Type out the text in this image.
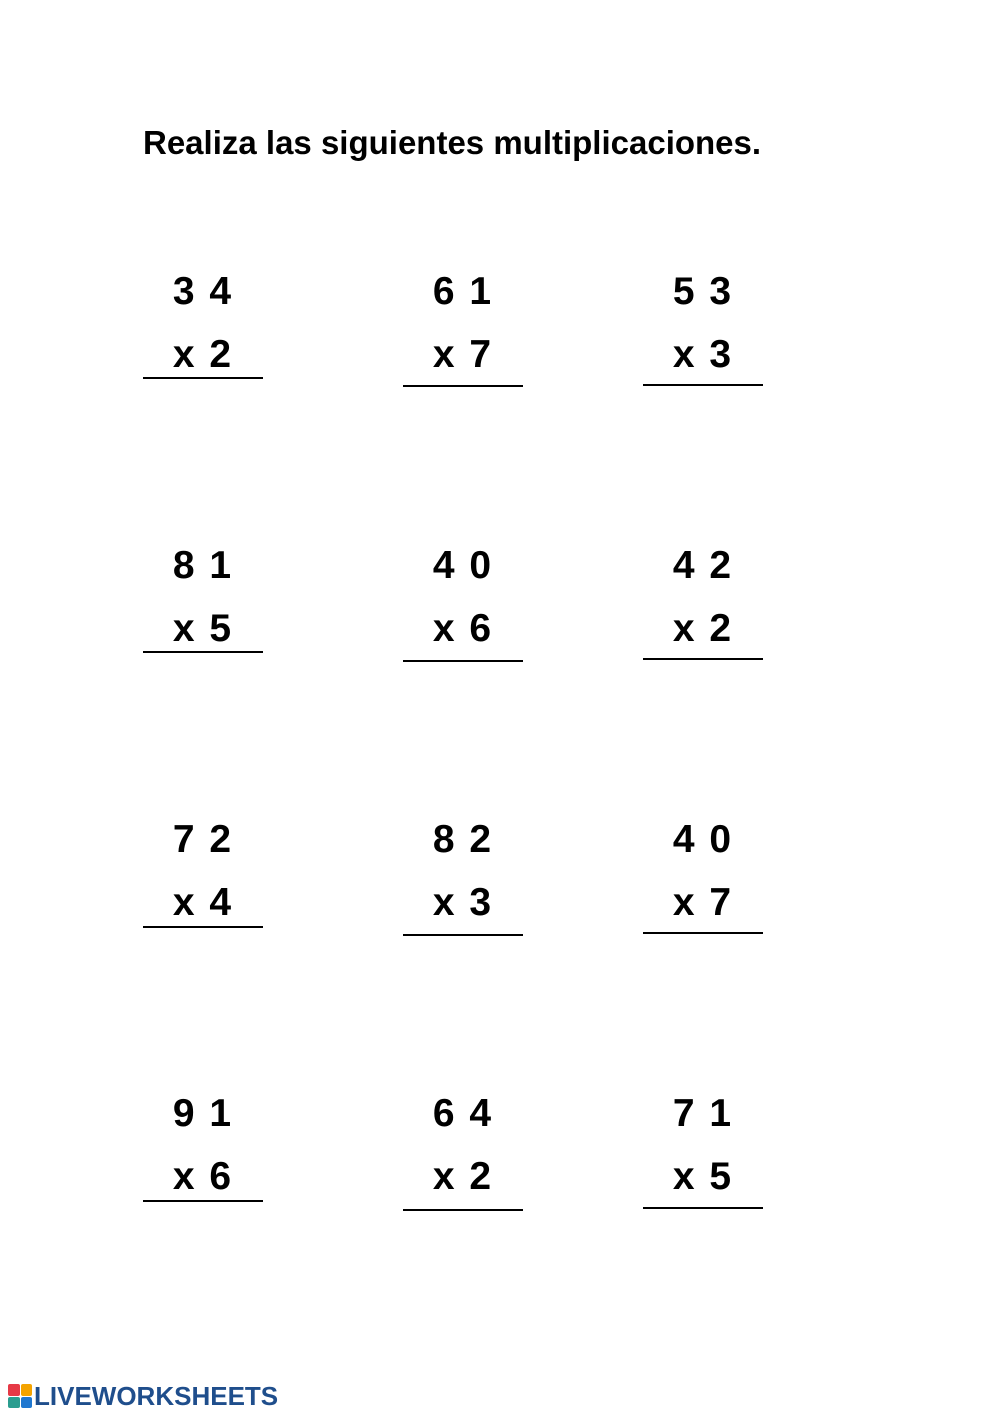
Realiza las siguientes multiplicaciones.
3 4
x 2
6 1
x 7
5 3
x 3
8 1
x 5
4 0
x 6
4 2
x 2
7 2
x 4
8 2
x 3
4 0
x 7
9 1
x 6
6 4
x 2
7 1
x 5
LIVEWORKSHEETS
